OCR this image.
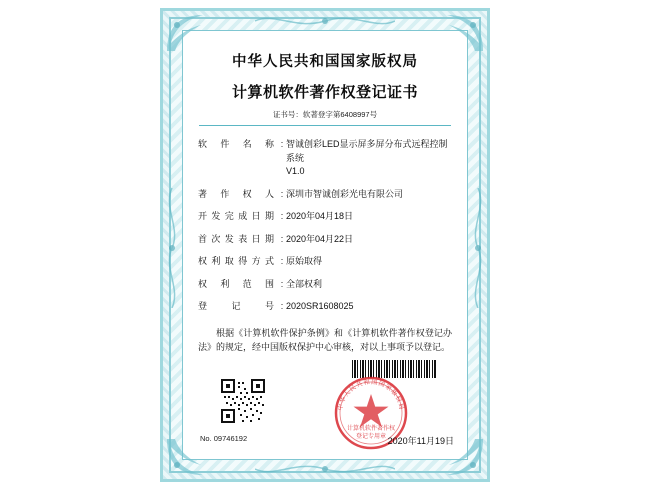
中华人民共和国国家版权局
计算机软件著作权登记证书
证书号：软著登字第6408997号
软件名称 : 智诚创彩LED显示屏多屏分布式远程控制系统
V1.0
著作权人 : 深圳市智诚创彩光电有限公司
开发完成日期 : 2020年04月18日
首次发表日期 : 2020年04月22日
权利取得方式 : 原始取得
权利范围 : 全部权利
登记号 : 2020SR1608025
根据《计算机软件保护条例》和《计算机软件著作权登记办法》的规定，经中国版权保护中心审核，对以上事项予以登记。
中华人民共和国国家版权局
计算机软件著作权
登记专用章
No. 09746192	2020年11月19日
